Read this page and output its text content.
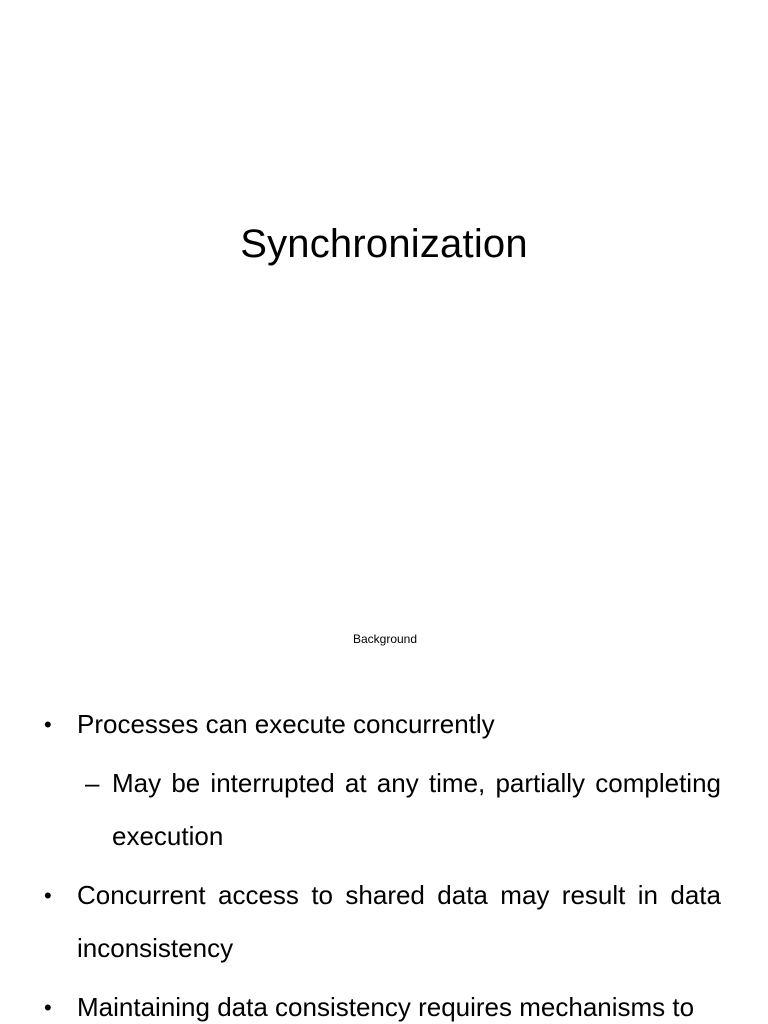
Synchronization
Background
• Processes can execute concurrently
– May be interrupted at any time, partially completing execution
• Concurrent access to shared data may result in data inconsistency
• Maintaining data consistency requires mechanisms to
